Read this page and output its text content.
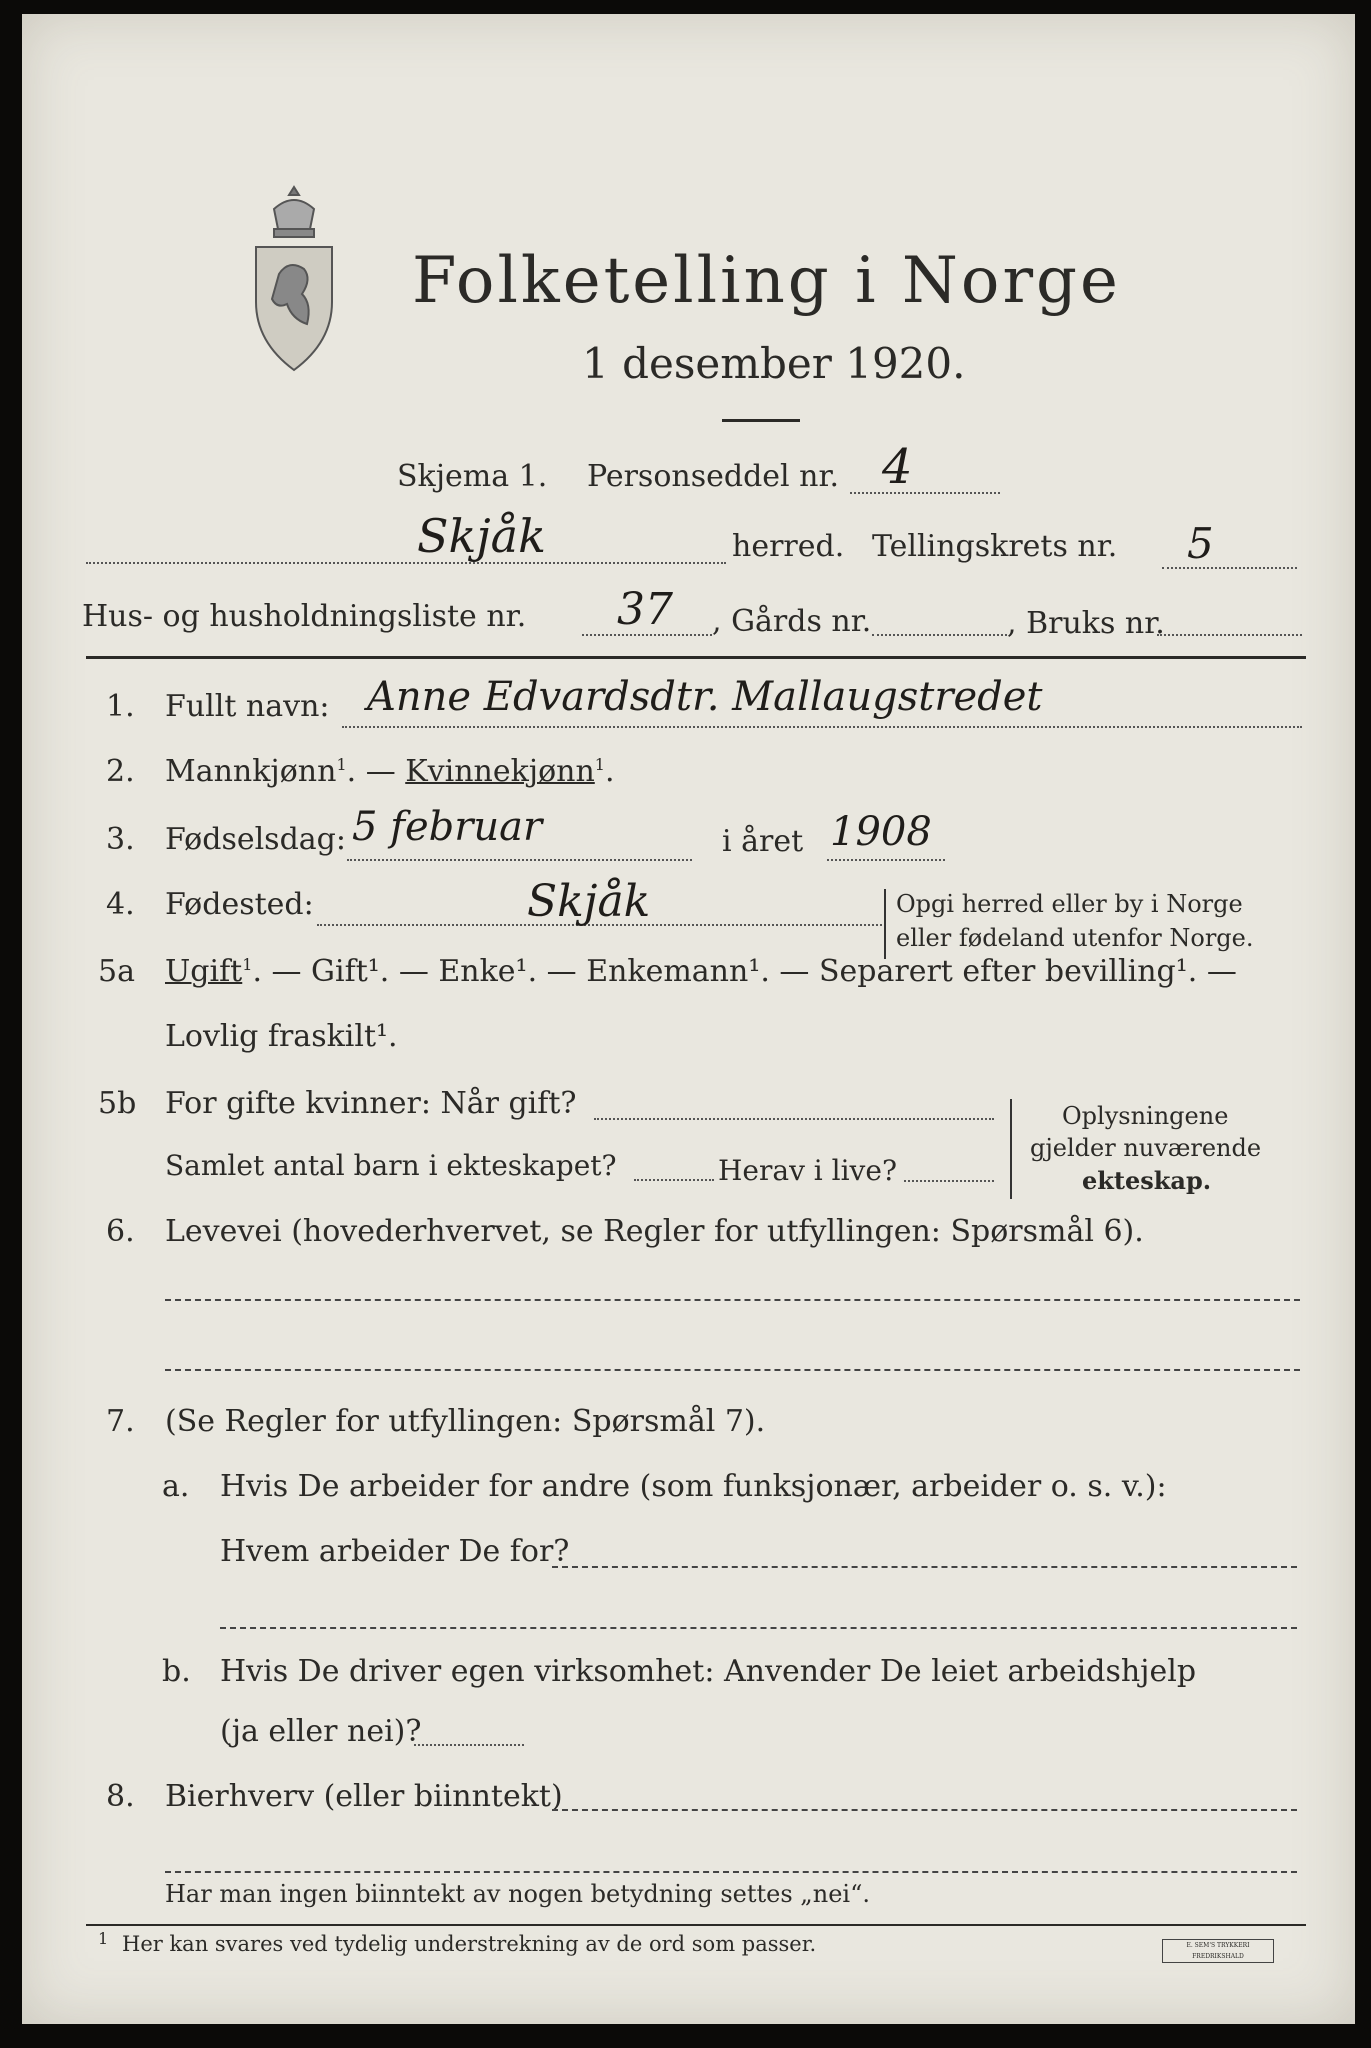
Folketelling i Norge
1 desember 1920.
Skjema 1. Personseddel nr. 4
Skjåk	herred. Tellingskrets nr. 5
Hus- og husholdningsliste nr. 37 , Gårds nr.	, Bruks nr.
1. Fullt navn: Anne Edvardsdtr. Mallaugstredet
2. Mannkjønn$^1$. — Kvinnekjønn$^1$.
3. Fødselsdag: 5 februar	i året 1908
4. Fødested:	Skjåk	Opgi herred eller by i Norge
eller fødeland utenfor Norge.
5a Ugift$^1$. — Gift¹. — Enke¹. — Enkemann¹. — Separert efter bevilling¹. —
Lovlig fraskilt¹.
5b For gifte kvinner: Når gift?
Samlet antal barn i ekteskapet?	Herav i live?
Oplysningene
gjelder nuværende
ekteskap.
6. Levevei (hovederhvervet, se Regler for utfyllingen: Spørsmål 6).
7. (Se Regler for utfyllingen: Spørsmål 7).
a. Hvis De arbeider for andre (som funksjonær, arbeider o. s. v.):
Hvem arbeider De for?
b. Hvis De driver egen virksomhet: Anvender De leiet arbeidshjelp
(ja eller nei)?
8. Bierhverv (eller biinntekt)
Har man ingen biinntekt av nogen betydning settes „nei“.
1 Her kan svares ved tydelig understrekning av de ord som passer.	E. SEM'S TRYKKERI FREDRIKSHALD
